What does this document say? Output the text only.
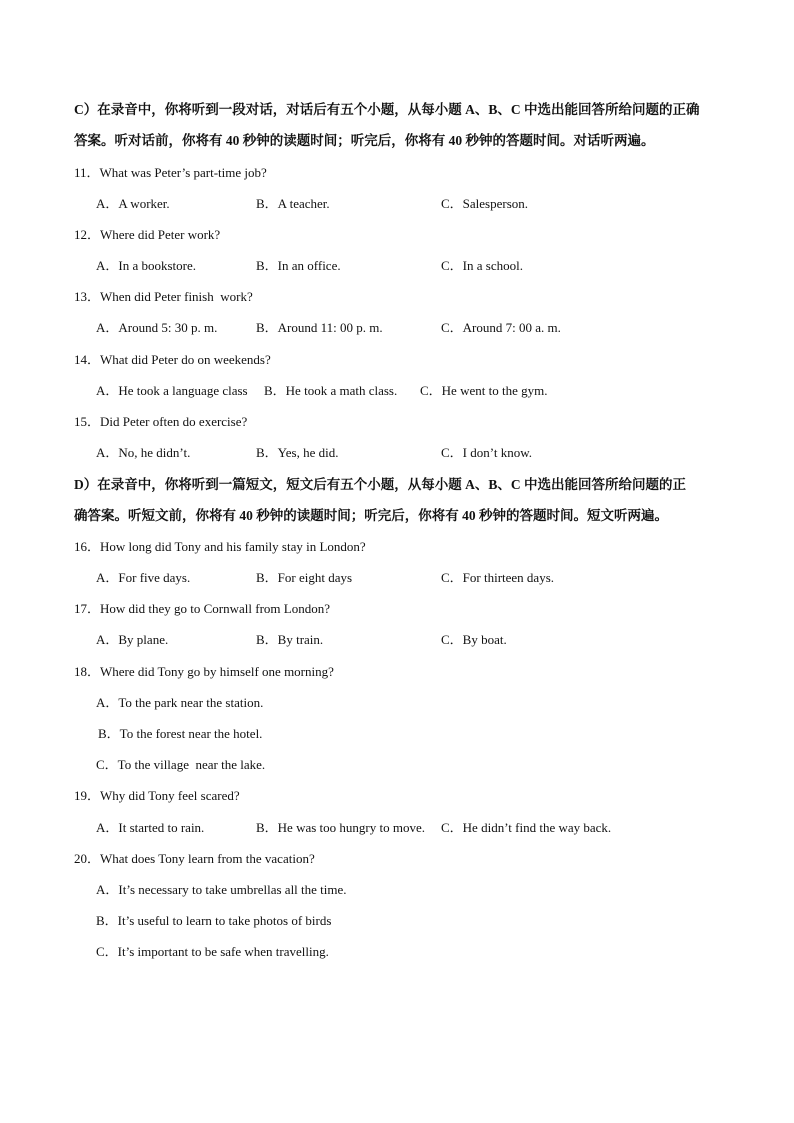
C）在录音中，你将听到一段对话，对话后有五个小题，从每小题 A、B、C 中选出能回答所给问题的正确
答案。听对话前，你将有 40 秒钟的读题时间；听完后，你将有 40 秒钟的答题时间。对话听两遍。
11．What was Peter’s part-time job?
A．A worker.	B．A teacher.	C．Salesperson.
12．Where did Peter work?
A．In a bookstore.	B．In an office.	C．In a school.
13．When did Peter finish  work?
A．Around 5: 30 p. m.	B．Around 11: 00 p. m.	C．Around 7: 00 a. m.
14．What did Peter do on weekends?
A．He took a language class B．He took a math class. C．He went to the gym.
15．Did Peter often do exercise?
A．No, he didn’t.	B．Yes, he did.	C．I don’t know.
D）在录音中，你将听到一篇短文，短文后有五个小题，从每小题 A、B、C 中选出能回答所给问题的正
确答案。听短文前，你将有 40 秒钟的读题时间；听完后，你将有 40 秒钟的答题时间。短文听两遍。
16．How long did Tony and his family stay in London?
A．For five days.	B．For eight days	C．For thirteen days.
17．How did they go to Cornwall from London?
A．By plane.	B．By train.	C．By boat.
18．Where did Tony go by himself one morning?
A．To the park near the station.
B．To the forest near the hotel.
C．To the village  near the lake.
19．Why did Tony feel scared?
A．It started to rain.	B．He was too hungry to move. C．He didn’t find the way back.
20．What does Tony learn from the vacation?
A．It’s necessary to take umbrellas all the time.
B．It’s useful to learn to take photos of birds
C．It’s important to be safe when travelling.
